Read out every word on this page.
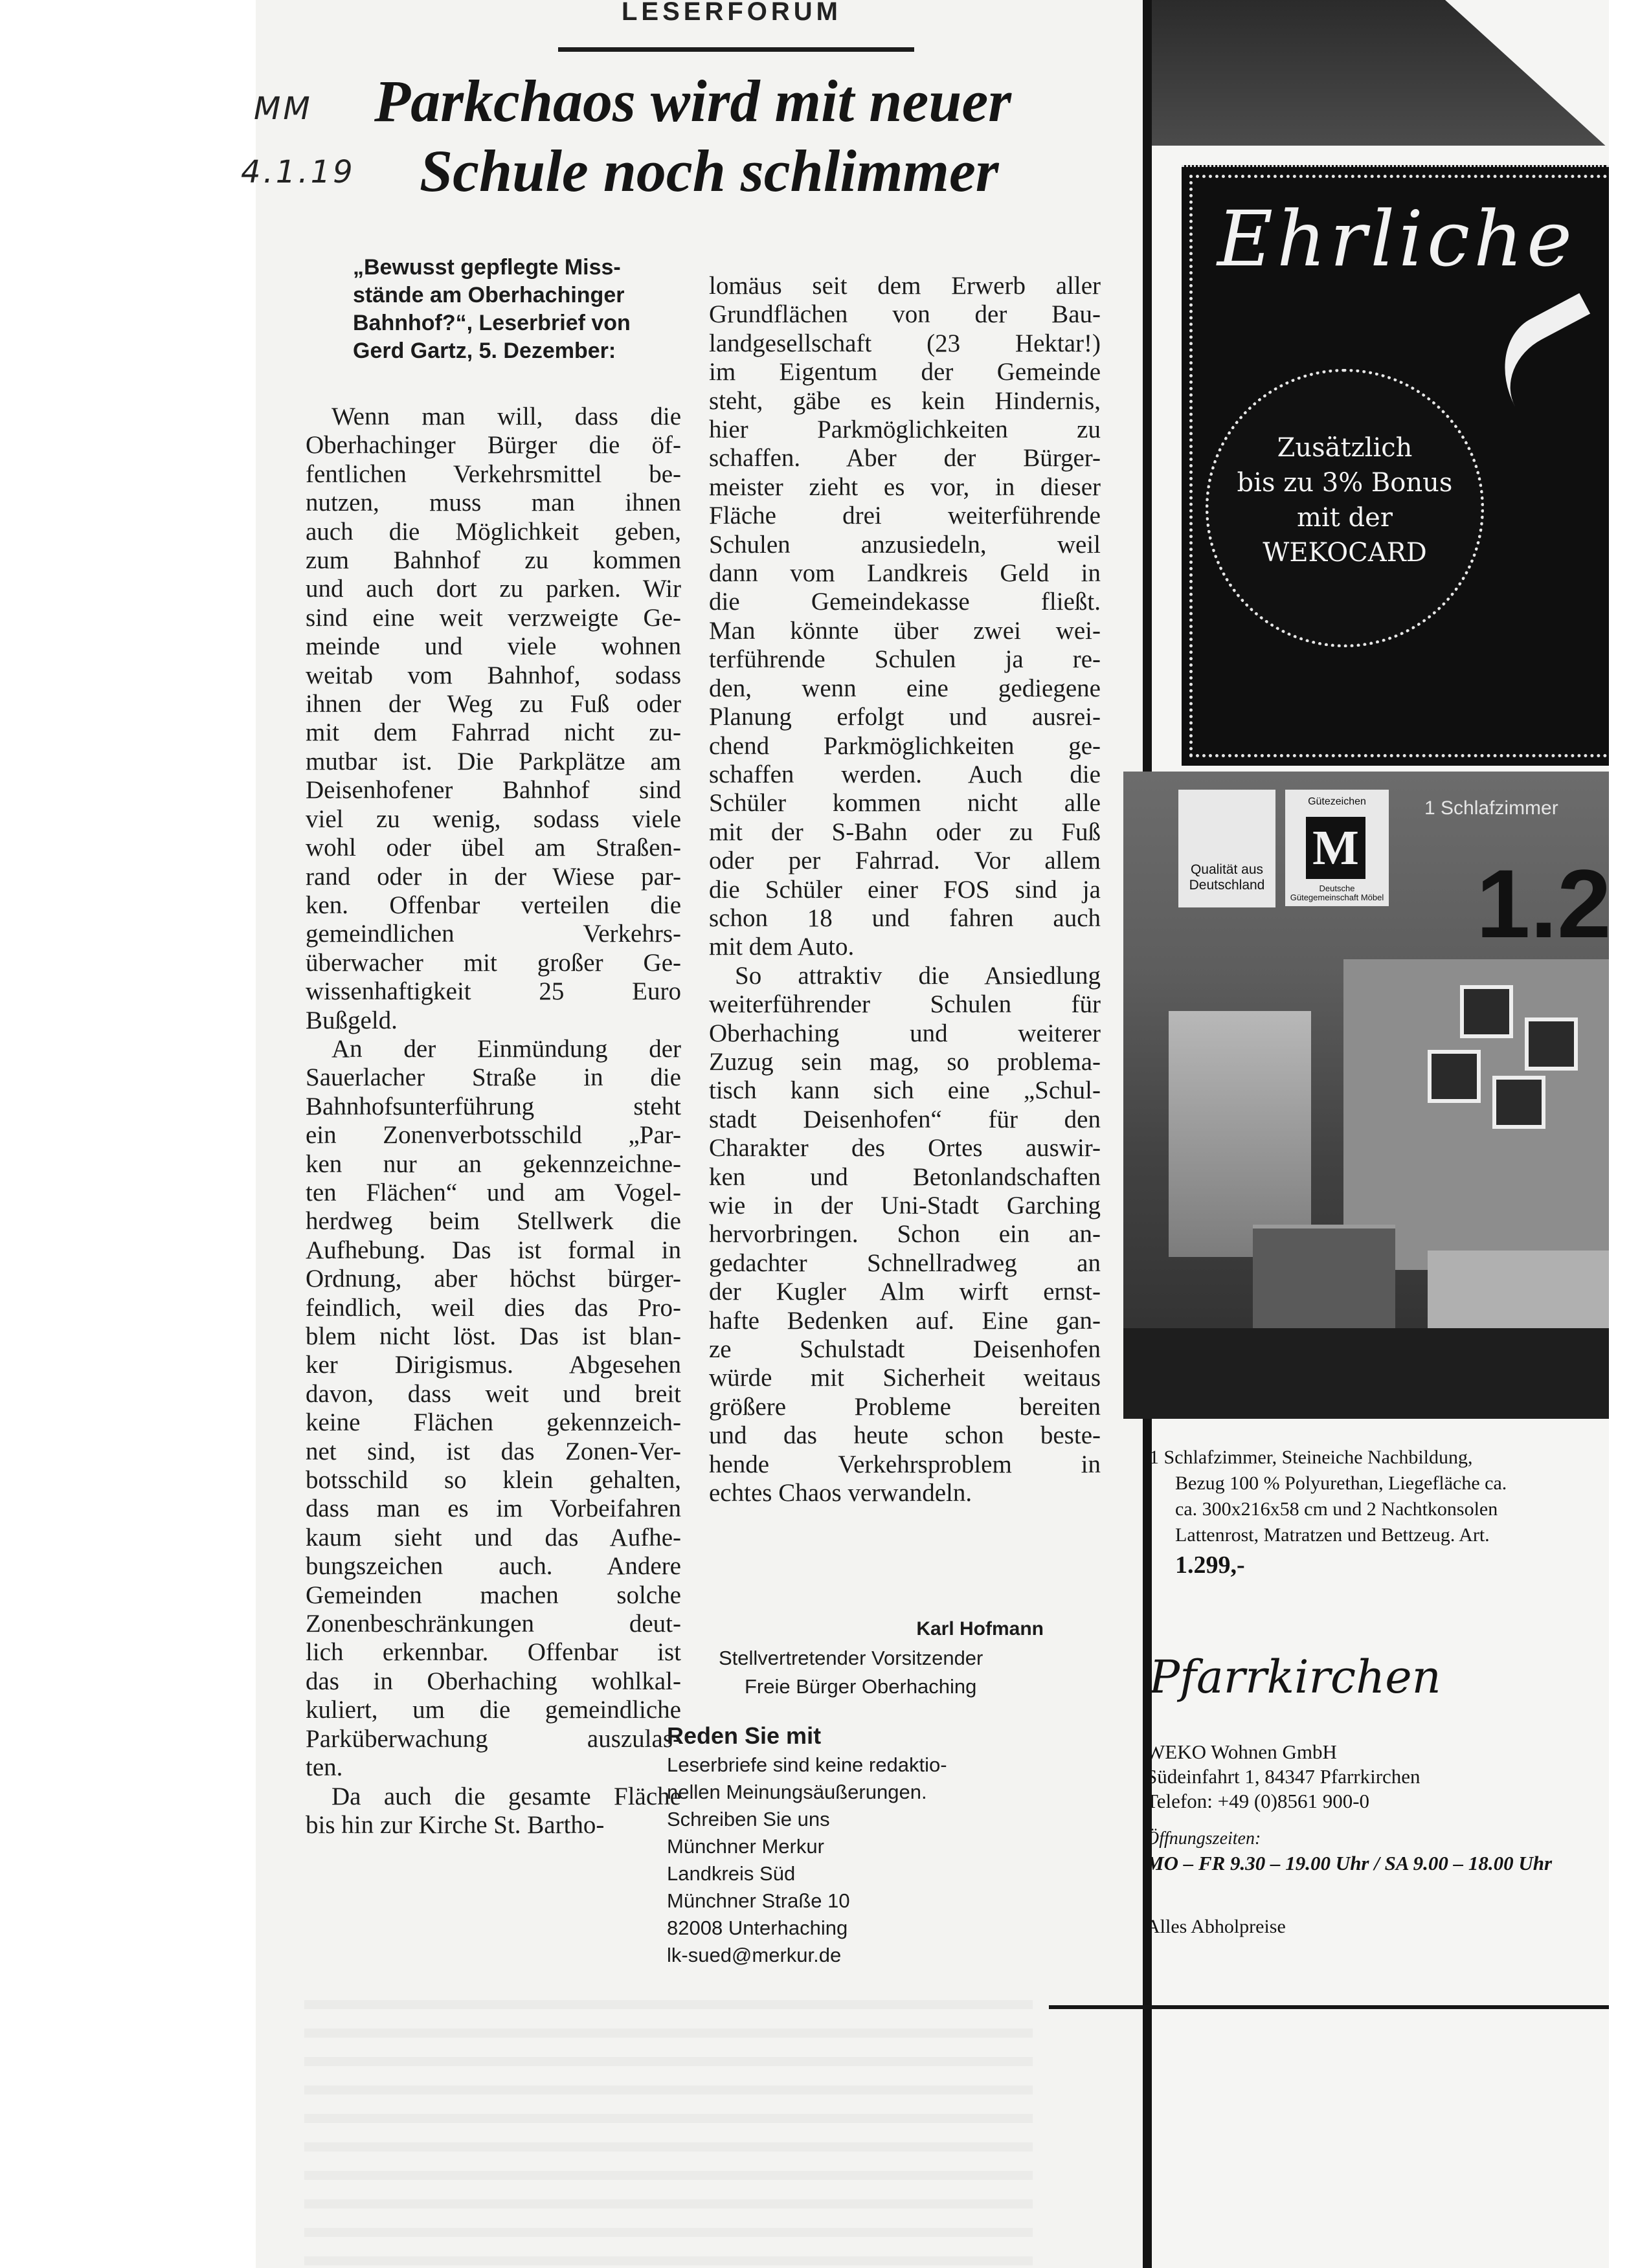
LESERFORUM
MM
4.1.19
Parkchaos wird mit neuer
Schule noch schlimmer
„Bewusst gepflegte Miss-
stände am Oberhachinger
Bahnhof?“, Leserbrief von
Gerd Gartz, 5. Dezember:
Wenn man will, dass die
Oberhachinger Bürger die öf-
fentlichen Verkehrsmittel be-
nutzen, muss man ihnen
auch die Möglichkeit geben,
zum Bahnhof zu kommen
und auch dort zu parken. Wir
sind eine weit verzweigte Ge-
meinde und viele wohnen
weitab vom Bahnhof, sodass
ihnen der Weg zu Fuß oder
mit dem Fahrrad nicht zu-
mutbar ist. Die Parkplätze am
Deisenhofener Bahnhof sind
viel zu wenig, sodass viele
wohl oder übel am Straßen-
rand oder in der Wiese par-
ken. Offenbar verteilen die
gemeindlichen Verkehrs-
überwacher mit großer Ge-
wissenhaftigkeit 25 Euro
Bußgeld.
An der Einmündung der
Sauerlacher Straße in die
Bahnhofsunterführung steht
ein Zonenverbotsschild „Par-
ken nur an gekennzeichne-
ten Flächen“ und am Vogel-
herdweg beim Stellwerk die
Aufhebung. Das ist formal in
Ordnung, aber höchst bürger-
feindlich, weil dies das Pro-
blem nicht löst. Das ist blan-
ker Dirigismus. Abgesehen
davon, dass weit und breit
keine Flächen gekennzeich-
net sind, ist das Zonen-Ver-
botsschild so klein gehalten,
dass man es im Vorbeifahren
kaum sieht und das Aufhe-
bungszeichen auch. Andere
Gemeinden machen solche
Zonenbeschränkungen deut-
lich erkennbar. Offenbar ist
das in Oberhaching wohlkal-
kuliert, um die gemeindliche
Parküberwachung auszulas-
ten.
Da auch die gesamte Fläche
bis hin zur Kirche St. Bartho-
lomäus seit dem Erwerb aller
Grundflächen von der Bau-
landgesellschaft (23 Hektar!)
im Eigentum der Gemeinde
steht, gäbe es kein Hindernis,
hier Parkmöglichkeiten zu
schaffen. Aber der Bürger-
meister zieht es vor, in dieser
Fläche drei weiterführende
Schulen anzusiedeln, weil
dann vom Landkreis Geld in
die Gemeindekasse fließt.
Man könnte über zwei wei-
terführende Schulen ja re-
den, wenn eine gediegene
Planung erfolgt und ausrei-
chend Parkmöglichkeiten ge-
schaffen werden. Auch die
Schüler kommen nicht alle
mit der S-Bahn oder zu Fuß
oder per Fahrrad. Vor allem
die Schüler einer FOS sind ja
schon 18 und fahren auch
mit dem Auto.
So attraktiv die Ansiedlung
weiterführender Schulen für
Oberhaching und weiterer
Zuzug sein mag, so problema-
tisch kann sich eine „Schul-
stadt Deisenhofen“ für den
Charakter des Ortes auswir-
ken und Betonlandschaften
wie in der Uni-Stadt Garching
hervorbringen. Schon ein an-
gedachter Schnellradweg an
der Kugler Alm wirft ernst-
hafte Bedenken auf. Eine gan-
ze Schulstadt Deisenhofen
würde mit Sicherheit weitaus
größere Probleme bereiten
und das heute schon beste-
hende Verkehrsproblem in
echtes Chaos verwandeln.
Karl Hofmann
Stellvertretender Vorsitzender
Freie Bürger Oberhaching
Reden Sie mit
Leserbriefe sind keine redaktio-
nellen Meinungsäußerungen.
Schreiben Sie uns
Münchner Merkur
Landkreis Süd
Münchner Straße 10
82008 Unterhaching
lk-sued@merkur.de
Ehrliche
Zusätzlich
bis zu 3% Bonus
mit der
WEKOCARD
Qualität aus Deutschland
Gütezeichen
M
Deutsche Gütegemeinschaft Möbel
1 Schlafzimmer
1.2
1 Schlafzimmer, Steineiche Nachbildung,
Bezug 100 % Polyurethan, Liegefläche ca.
ca. 300x216x58 cm und 2 Nachtkonsolen
Lattenrost, Matratzen und Bettzeug. Art.
1.299,-
Pfarrkirchen
WEKO Wohnen GmbH
Südeinfahrt 1, 84347 Pfarrkirchen
Telefon: +49 (0)8561 900-0
Öffnungszeiten:
MO – FR 9.30 – 19.00 Uhr / SA 9.00 – 18.00 Uhr
Alles Abholpreise
